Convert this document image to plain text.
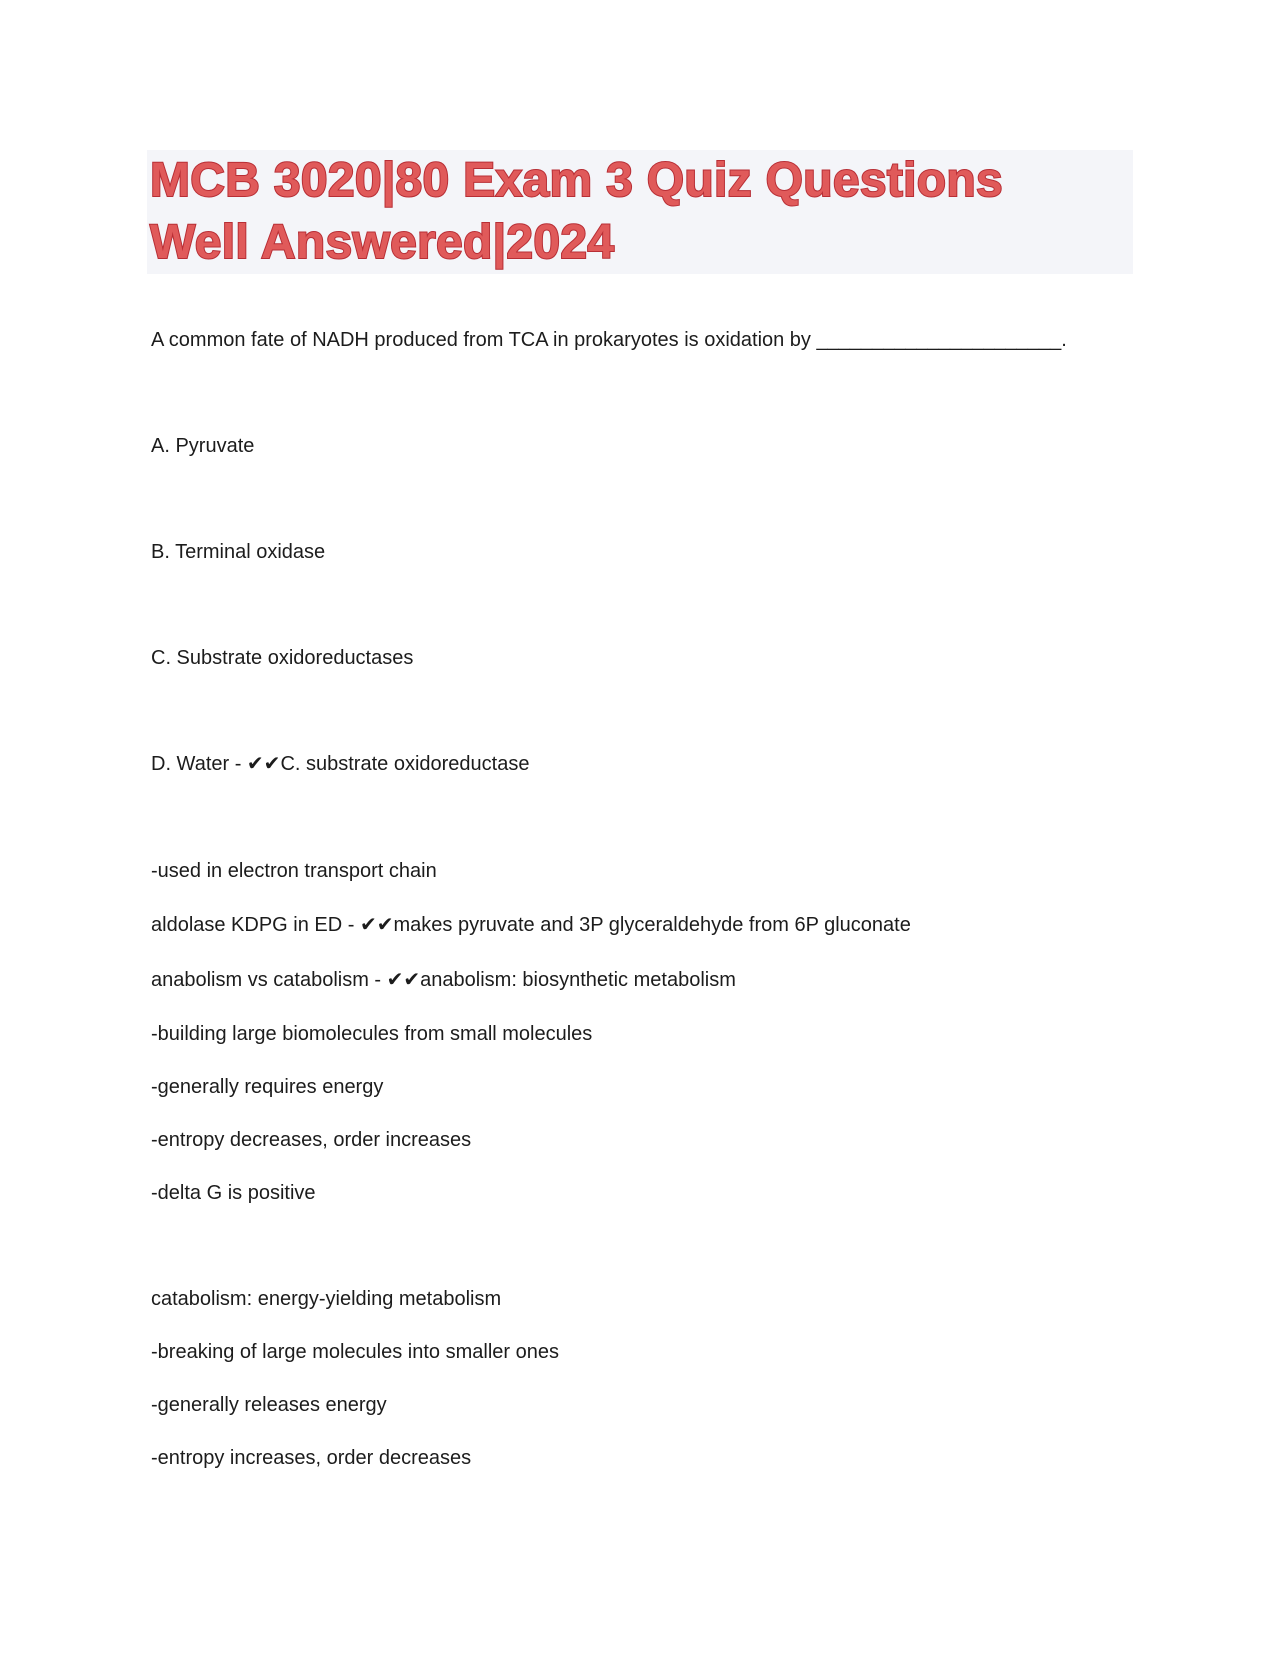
MCB 3020|80 Exam 3 Quiz Questions
Well Answered|2024

A common fate of NADH produced from TCA in prokaryotes is oxidation by ______________________.

A. Pyruvate

B. Terminal oxidase

C. Substrate oxidoreductases

D. Water - ✔✔C. substrate oxidoreductase

-used in electron transport chain

aldolase KDPG in ED - ✔✔makes pyruvate and 3P glyceraldehyde from 6P gluconate

anabolism vs catabolism - ✔✔anabolism: biosynthetic metabolism

-building large biomolecules from small molecules

-generally requires energy

-entropy decreases, order increases

-delta G is positive

catabolism: energy-yielding metabolism

-breaking of large molecules into smaller ones

-generally releases energy

-entropy increases, order decreases
